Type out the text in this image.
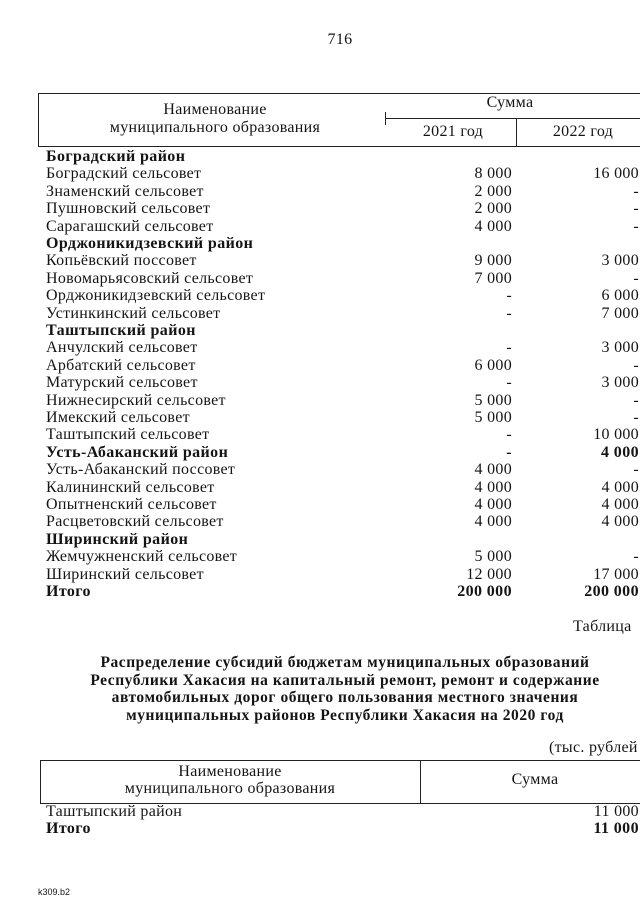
716
Наименование
муниципального образования
Сумма
2021 год	2022 год
Боградский район
Боградский сельсовет	8 000	16 000
Знаменский сельсовет	2 000	-
Пушновский сельсовет	2 000	-
Сарагашский сельсовет	4 000	-
Орджоникидзевский район
Копьёвский поссовет	9 000	3 000
Новомарьясовский сельсовет	7 000	-
Орджоникидзевский сельсовет	-	6 000
Устинкинский сельсовет	-	7 000
Таштыпский район
Анчулский сельсовет	-	3 000
Арбатский сельсовет	6 000	-
Матурский сельсовет	-	3 000
Нижнесирский сельсовет	5 000	-
Имекский сельсовет	5 000	-
Таштыпский сельсовет	-	10 000
Усть-Абаканский район	-	4 000
Усть-Абаканский поссовет	4 000	-
Калининский сельсовет	4 000	4 000
Опытненский сельсовет	4 000	4 000
Расцветовский сельсовет	4 000	4 000
Ширинский район
Жемчужненский сельсовет	5 000	-
Ширинский сельсовет	12 000	17 000
Итого	200 000	200 000
Таблица
Распределение субсидий бюджетам муниципальных образований
Республики Хакасия на капитальный ремонт, ремонт и содержание
автомобильных дорог общего пользования местного значения
муниципальных районов Республики Хакасия на 2020 год
(тыс. рублей
Наименование
муниципального образования
Сумма
Таштыпский район	11 000
Итого	11 000
k309.b2
